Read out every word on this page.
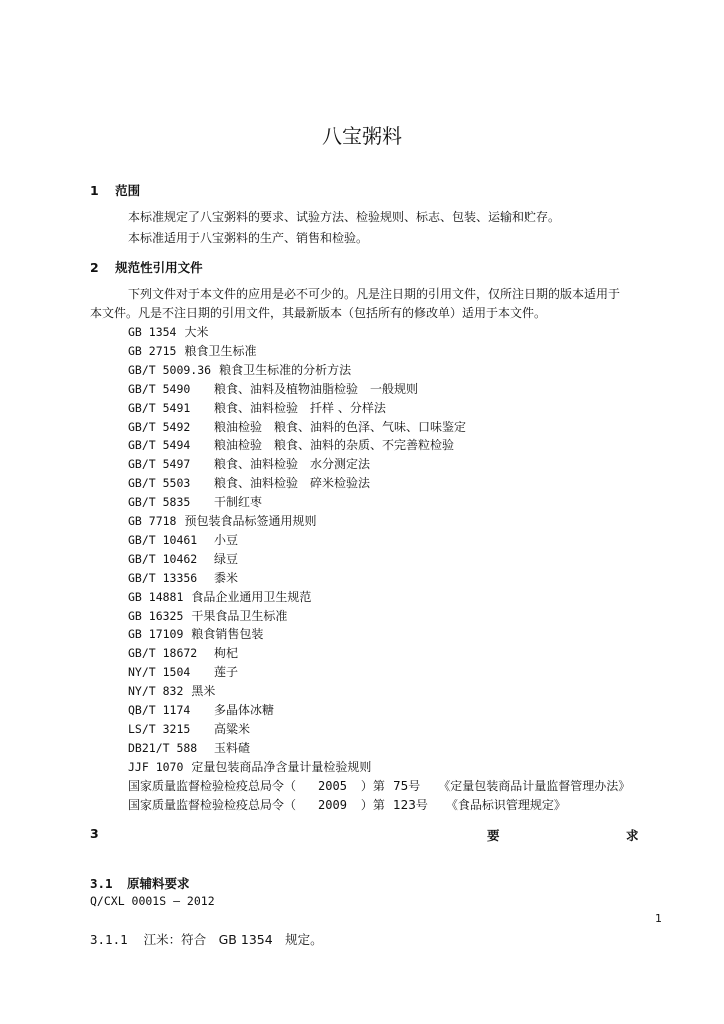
八宝粥料
1 范围
本标准规定了八宝粥料的要求、试验方法、检验规则、标志、包装、运输和贮存。
本标准适用于八宝粥料的生产、销售和检验。
2 规范性引用文件
下列文件对于本文件的应用是必不可少的。凡是注日期的引用文件，仅所注日期的版本适用于
本文件。凡是不注日期的引用文件，其最新版本（包括所有的修改单）适用于本文件。
GB 1354 大米
GB 2715 粮食卫生标准
GB/T 5009.36 粮食卫生标准的分析方法
GB/T 5490 粮食、油料及植物油脂检验　一般规则
GB/T 5491 粮食、油料检验　扦样 、分样法
GB/T 5492 粮油检验　粮食、油料的色泽、气味、口味鉴定
GB/T 5494 粮油检验　粮食、油料的杂质、不完善粒检验
GB/T 5497 粮食、油料检验　水分测定法
GB/T 5503 粮食、油料检验　碎米检验法
GB/T 5835 干制红枣
GB 7718 预包装食品标签通用规则
GB/T 10461 小豆
GB/T 10462 绿豆
GB/T 13356 黍米
GB 14881 食品企业通用卫生规范
GB 16325 干果食品卫生标准
GB 17109 粮食销售包装
GB/T 18672 枸杞
NY/T 1504 莲子
NY/T 832 黑米
QB/T 1174 多晶体冰糖
LS/T 3215 高粱米
DB21/T 588 玉料碴
JJF 1070 定量包装商品净含量计量检验规则
国家质量监督检验检疫总局令（ 2005 ）第 75号 《定量包装商品计量监督管理办法》
国家质量监督检验检疫总局令（ 2009 ）第 123号 《食品标识管理规定》
3	要	求
3.1 原辅料要求
Q/CXL 0001S — 2012
1
3.1.1 江米：符合　GB 1354　规定。
